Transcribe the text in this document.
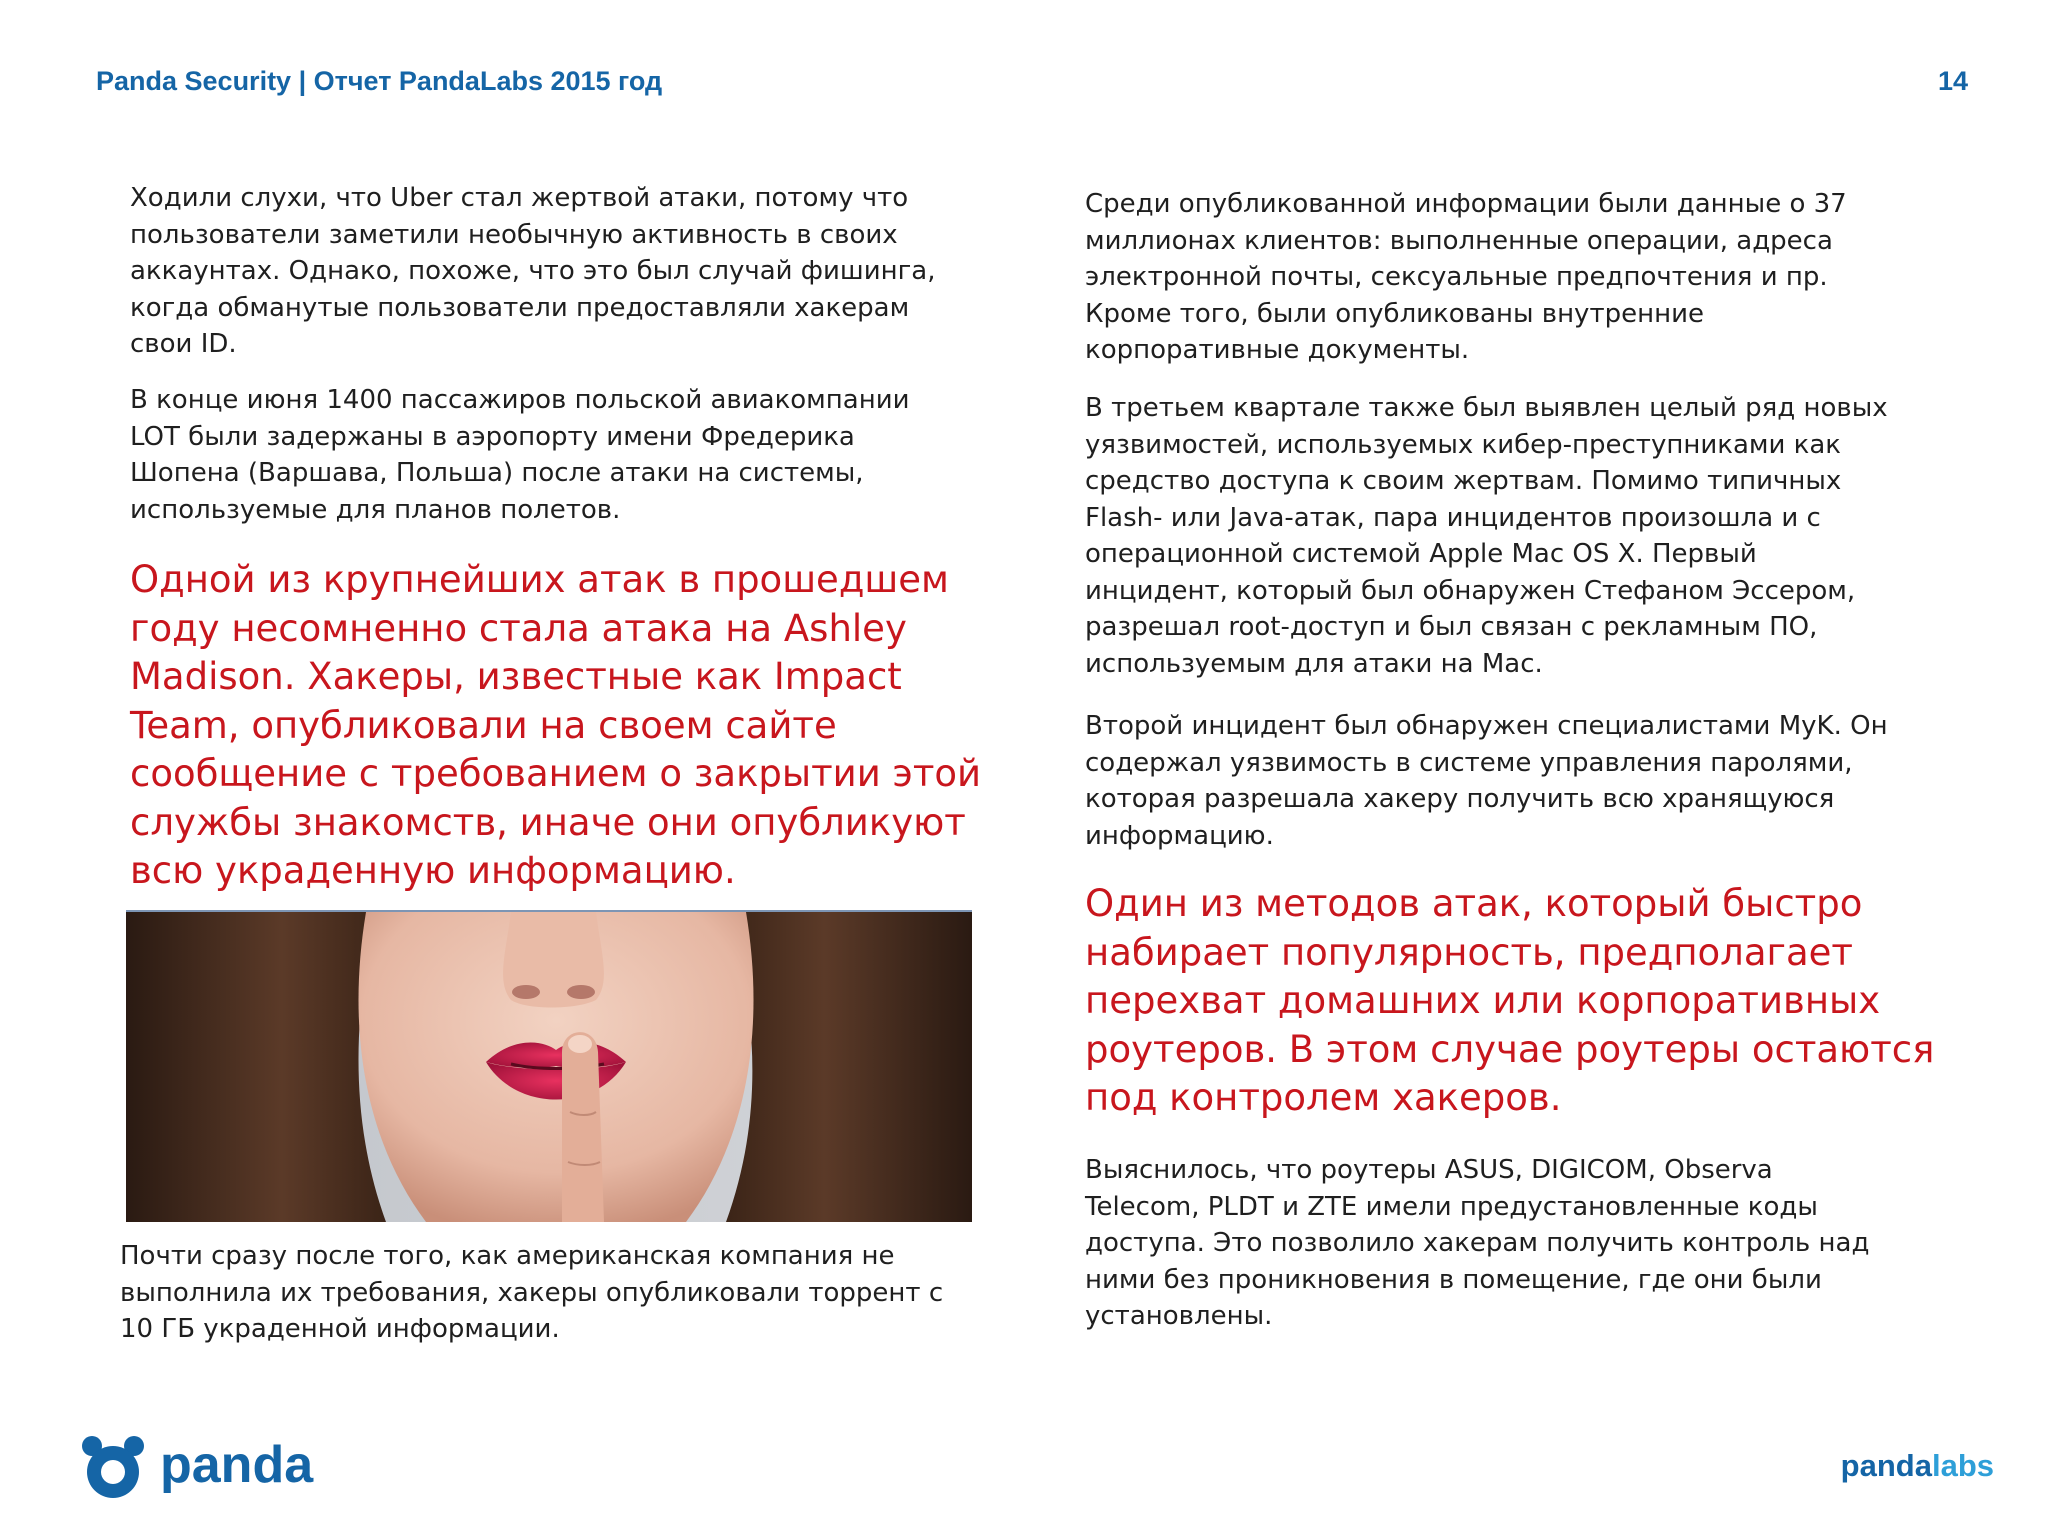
Panda Security | Отчет PandaLabs 2015 год	14
Ходили слухи, что Uber стал жертвой атаки, потому что
пользователи заметили необычную активность в своих
аккаунтах. Однако, похоже, что это был случай фишинга,
когда обманутые пользователи предоставляли хакерам
свои ID.
В конце июня 1400 пассажиров польской авиакомпании
LOT были задержаны в аэропорту имени Фредерика
Шопена (Варшава, Польша) после атаки на системы,
используемые для планов полетов.
Одной из крупнейших атак в прошедшем
году несомненно стала атака на Ashley
Madison. Хакеры, известные как Impact
Team, опубликовали на своем сайте
сообщение с требованием о закрытии этой
службы знакомств, иначе они опубликуют
всю украденную информацию.
Почти сразу после того, как американская компания не
выполнила их требования, хакеры опубликовали торрент с
10 ГБ украденной информации.
Среди опубликованной информации были данные о 37
миллионах клиентов: выполненные операции, адреса
электронной почты, сексуальные предпочтения и пр.
Кроме того, были опубликованы внутренние
корпоративные документы.
В третьем квартале также был выявлен целый ряд новых
уязвимостей, используемых кибер-преступниками как
средство доступа к своим жертвам. Помимо типичных
Flash- или Java-атак, пара инцидентов произошла и с
операционной системой Apple Mac OS X. Первый
инцидент, который был обнаружен Стефаном Эссером,
разрешал root-доступ и был связан с рекламным ПО,
используемым для атаки на Mac.
Второй инцидент был обнаружен специалистами MyK. Он
содержал уязвимость в системе управления паролями,
которая разрешала хакеру получить всю хранящуюся
информацию.
Один из методов атак, который быстро
набирает популярность, предполагает
перехват домашних или корпоративных
роутеров. В этом случае роутеры остаются
под контролем хакеров.
Выяснилось, что роутеры ASUS, DIGICOM, Observa
Telecom, PLDT и ZTE имели предустановленные коды
доступа. Это позволило хакерам получить контроль над
ними без проникновения в помещение, где они были
установлены.
panda	pandalabs
